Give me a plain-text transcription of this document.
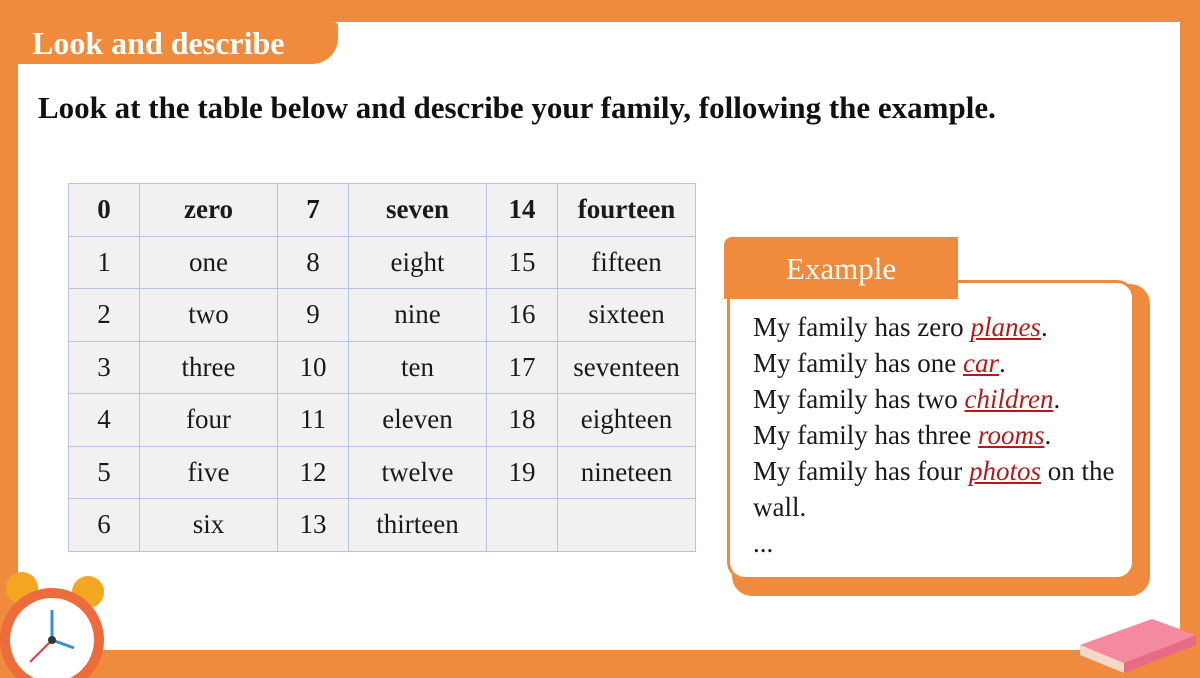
Look and describe
Look at the table below and describe your family, following the example.
0	zero	7	seven	14	fourteen
1	one	8	eight	15	fifteen
2	two	9	nine	16	sixteen
3	three	10	ten	17	seventeen
4	four	11	eleven	18	eighteen
5	five	12	twelve	19	nineteen
6	six	13	thirteen		
Example
My family has zero planes.
My family has one car.
My family has two children.
My family has three rooms.
My family has four photos on the wall.
...
